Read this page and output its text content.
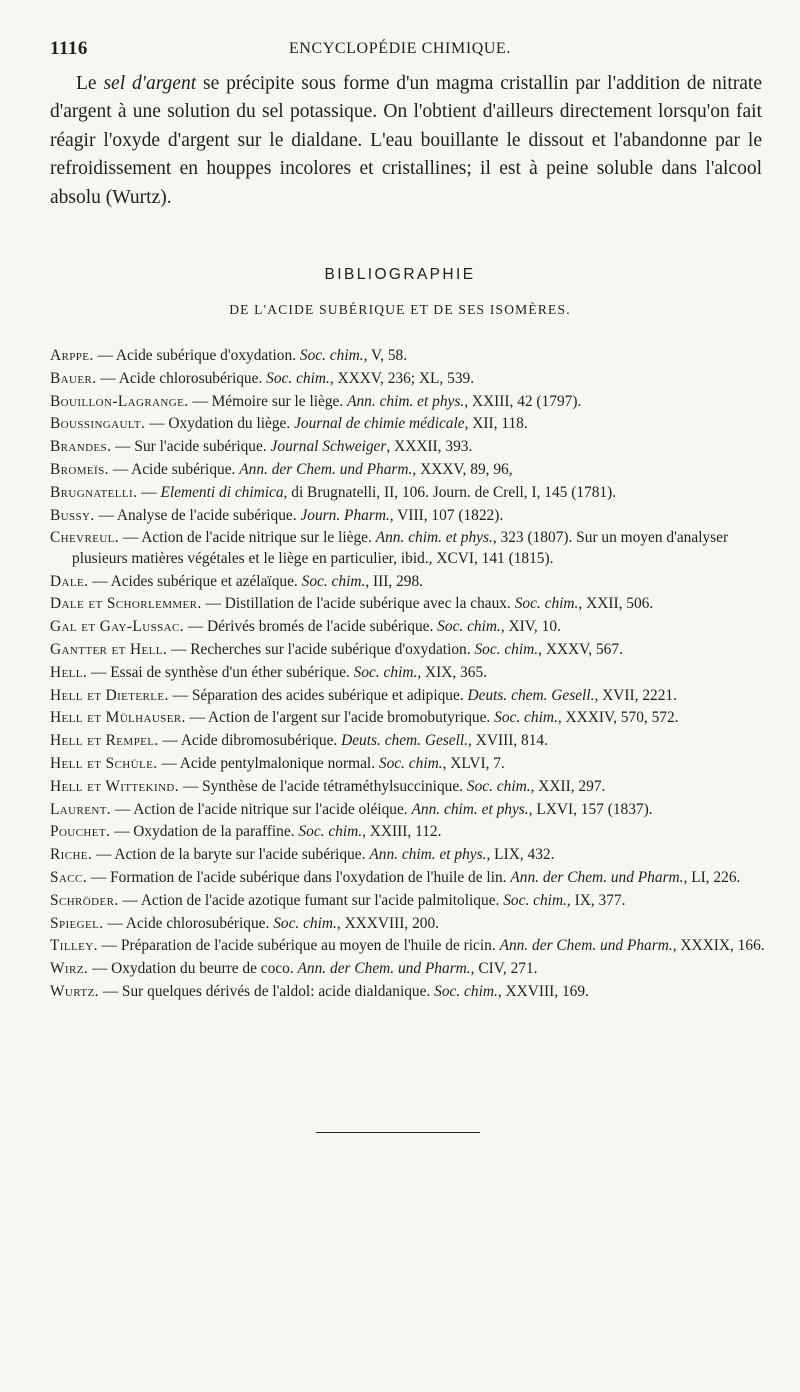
1116	ENCYCLOPÉDIE CHIMIQUE.

Le sel d'argent se précipite sous forme d'un magma cristallin par l'addition de nitrate d'argent à une solution du sel potassique. On l'obtient d'ailleurs directement lorsqu'on fait réagir l'oxyde d'argent sur le dialdane. L'eau bouillante le dissout et l'abandonne par le refroidissement en houppes incolores et cristallines; il est à peine soluble dans l'alcool absolu (Wurtz).

BIBLIOGRAPHIE
DE L'ACIDE SUBÉRIQUE ET DE SES ISOMÈRES.
Arppe. — Acide subérique d'oxydation. Soc. chim., V, 58.
Bauer. — Acide chlorosubérique. Soc. chim., XXXV, 236; XL, 539.
Bouillon-Lagrange. — Mémoire sur le liège. Ann. chim. et phys., XXIII, 42 (1797).
Boussingault. — Oxydation du liège. Journal de chimie médicale, XII, 118.
Brandes. — Sur l'acide subérique. Journal Schweiger, XXXII, 393.
Bromeïs. — Acide subérique. Ann. der Chem. und Pharm., XXXV, 89, 96,
Brugnatelli. — Elementi di chimica, di Brugnatelli, II, 106. Journ. de Crell, I, 145 (1781).
Bussy. — Analyse de l'acide subérique. Journ. Pharm., VIII, 107 (1822).
Chevreul. — Action de l'acide nitrique sur le liège. Ann. chim. et phys., 323 (1807). Sur un moyen d'analyser plusieurs matières végétales et le liège en particulier, ibid., XCVI, 141 (1815).
Dale. — Acides subérique et azélaïque. Soc. chim., III, 298.
Dale et Schorlemmer. — Distillation de l'acide subérique avec la chaux. Soc. chim., XXII, 506.
Gal et Gay-Lussac. — Dérivés bromés de l'acide subérique. Soc. chim., XIV, 10.
Gantter et Hell. — Recherches sur l'acide subérique d'oxydation. Soc. chim., XXXV, 567.
Hell. — Essai de synthèse d'un éther subérique. Soc. chim., XIX, 365.
Hell et Dieterle. — Séparation des acides subérique et adipique. Deuts. chem. Gesell., XVII, 2221.
Hell et Mülhauser. — Action de l'argent sur l'acide bromobutyrique. Soc. chim., XXXIV, 570, 572.
Hell et Rempel. — Acide dibromosubérique. Deuts. chem. Gesell., XVIII, 814.
Hell et Schüle. — Acide pentylmalonique normal. Soc. chim., XLVI, 7.
Hell et Wittekind. — Synthèse de l'acide tétraméthylsuccinique. Soc. chim., XXII, 297.
Laurent. — Action de l'acide nitrique sur l'acide oléique. Ann. chim. et phys., LXVI, 157 (1837).
Pouchet. — Oxydation de la paraffine. Soc. chim., XXIII, 112.
Riche. — Action de la baryte sur l'acide subérique. Ann. chim. et phys., LIX, 432.
Sacc. — Formation de l'acide subérique dans l'oxydation de l'huile de lin. Ann. der Chem. und Pharm., LI, 226.
Schröder. — Action de l'acide azotique fumant sur l'acide palmitolique. Soc. chim., IX, 377.
Spiegel. — Acide chlorosubérique. Soc. chim., XXXVIII, 200.
Tilley. — Préparation de l'acide subérique au moyen de l'huile de ricin. Ann. der Chem. und Pharm., XXXIX, 166.
Wirz. — Oxydation du beurre de coco. Ann. der Chem. und Pharm., CIV, 271.
Wurtz. — Sur quelques dérivés de l'aldol: acide dialdanique. Soc. chim., XXVIII, 169.
